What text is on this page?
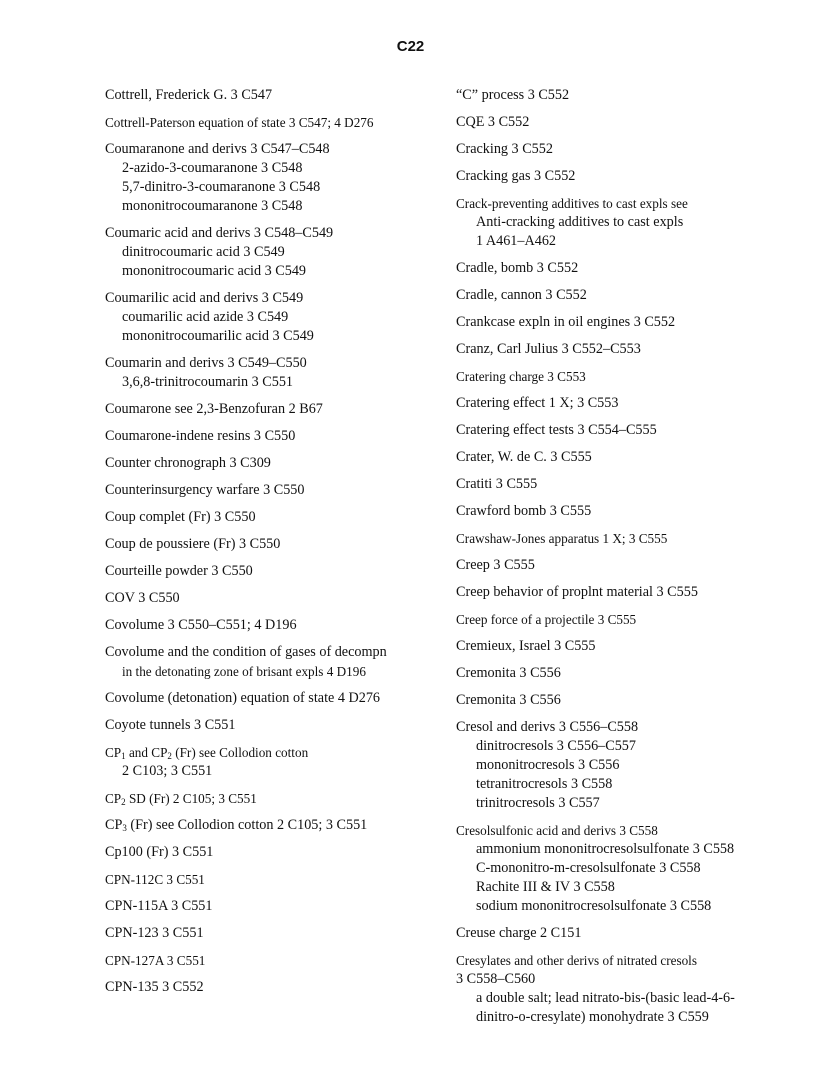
C22
Cottrell, Frederick G. 3 C547
Cottrell-Paterson equation of state 3 C547; 4 D276
Coumaranone and derivs 3 C547–C548
2-azido-3-coumaranone 3 C548
5,7-dinitro-3-coumaranone 3 C548
mononitrocoumaranone 3 C548
Coumaric acid and derivs 3 C548–C549
dinitrocoumaric acid 3 C549
mononitrocoumaric acid 3 C549
Coumarilic acid and derivs 3 C549
coumarilic acid azide 3 C549
mononitrocoumarilic acid 3 C549
Coumarin and derivs 3 C549–C550
3,6,8-trinitrocoumarin 3 C551
Coumarone see 2,3-Benzofuran 2 B67
Coumarone-indene resins 3 C550
Counter chronograph 3 C309
Counterinsurgency warfare 3 C550
Coup complet (Fr) 3 C550
Coup de poussiere (Fr) 3 C550
Courteille powder 3 C550
COV 3 C550
Covolume 3 C550–C551; 4 D196
Covolume and the condition of gases of decompn
in the detonating zone of brisant expls 4 D196
Covolume (detonation) equation of state 4 D276
Coyote tunnels 3 C551
$CP_1$ and $CP_2$ (Fr) see Collodion cotton
2 C103; 3 C551
$CP_2$ SD (Fr) 2 C105; 3 C551
$CP_3$ (Fr) see Collodion cotton 2 C105; 3 C551
Cp100 (Fr) 3 C551
CPN-112C 3 C551
CPN-115A 3 C551
CPN-123 3 C551
CPN-127A 3 C551
CPN-135 3 C552
“C” process 3 C552
CQE 3 C552
Cracking 3 C552
Cracking gas 3 C552
Crack-preventing additives to cast expls see
Anti-cracking additives to cast expls
1 A461–A462
Cradle, bomb 3 C552
Cradle, cannon 3 C552
Crankcase expln in oil engines 3 C552
Cranz, Carl Julius 3 C552–C553
Cratering charge 3 C553
Cratering effect 1 X; 3 C553
Cratering effect tests 3 C554–C555
Crater, W. de C. 3 C555
Cratiti 3 C555
Crawford bomb 3 C555
Crawshaw-Jones apparatus 1 X; 3 C555
Creep 3 C555
Creep behavior of proplnt material 3 C555
Creep force of a projectile 3 C555
Cremieux, Israel 3 C555
Cremonita 3 C556
Cremonita 3 C556
Cresol and derivs 3 C556–C558
dinitrocresols 3 C556–C557
mononitrocresols 3 C556
tetranitrocresols 3 C558
trinitrocresols 3 C557
Cresolsulfonic acid and derivs 3 C558
ammonium mononitrocresolsulfonate 3 C558
C-mononitro-m-cresolsulfonate 3 C558
Rachite III & IV 3 C558
sodium mononitrocresolsulfonate 3 C558
Creuse charge 2 C151
Cresylates and other derivs of nitrated cresols
3 C558–C560
a double salt; lead nitrato-bis-(basic lead-4-6-
dinitro-o-cresylate) monohydrate 3 C559
